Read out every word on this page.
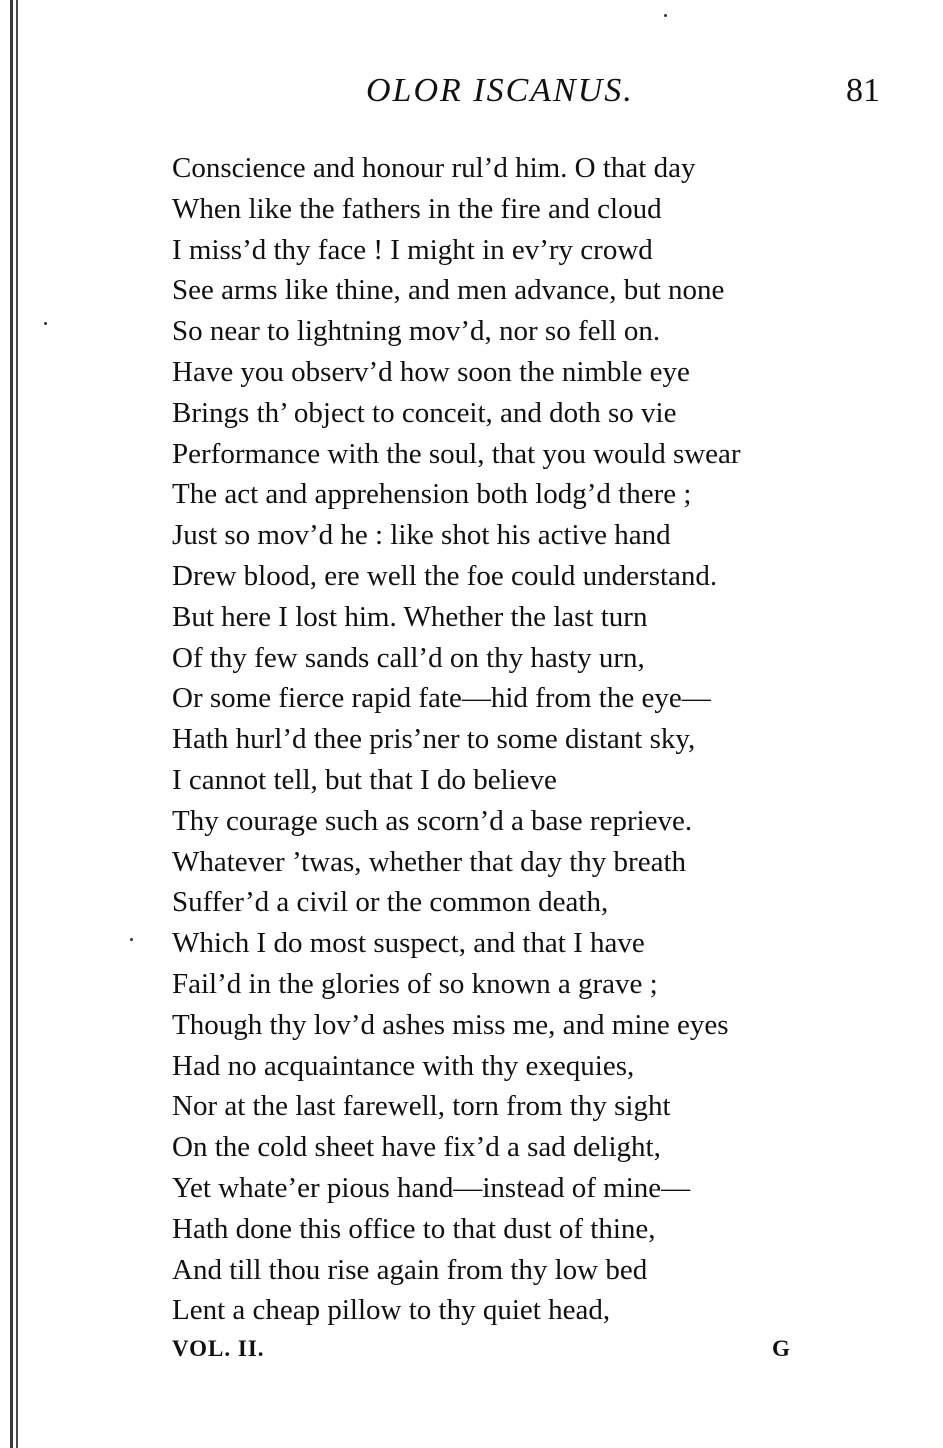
OLOR ISCANUS.	81
Conscience and honour rul’d him. O that day
When like the fathers in the fire and cloud
I miss’d thy face ! I might in ev’ry crowd
See arms like thine, and men advance, but none
So near to lightning mov’d, nor so fell on.
Have you observ’d how soon the nimble eye
Brings th’ object to conceit, and doth so vie
Performance with the soul, that you would swear
The act and apprehension both lodg’d there ;
Just so mov’d he : like shot his active hand
Drew blood, ere well the foe could understand.
But here I lost him. Whether the last turn
Of thy few sands call’d on thy hasty urn,
Or some fierce rapid fate—hid from the eye—
Hath hurl’d thee pris’ner to some distant sky,
I cannot tell, but that I do believe
Thy courage such as scorn’d a base reprieve.
Whatever ’twas, whether that day thy breath
Suffer’d a civil or the common death,
Which I do most suspect, and that I have
Fail’d in the glories of so known a grave ;
Though thy lov’d ashes miss me, and mine eyes
Had no acquaintance with thy exequies,
Nor at the last farewell, torn from thy sight
On the cold sheet have fix’d a sad delight,
Yet whate’er pious hand—instead of mine—
Hath done this office to that dust of thine,
And till thou rise again from thy low bed
Lent a cheap pillow to thy quiet head,
VOL. II.	G
